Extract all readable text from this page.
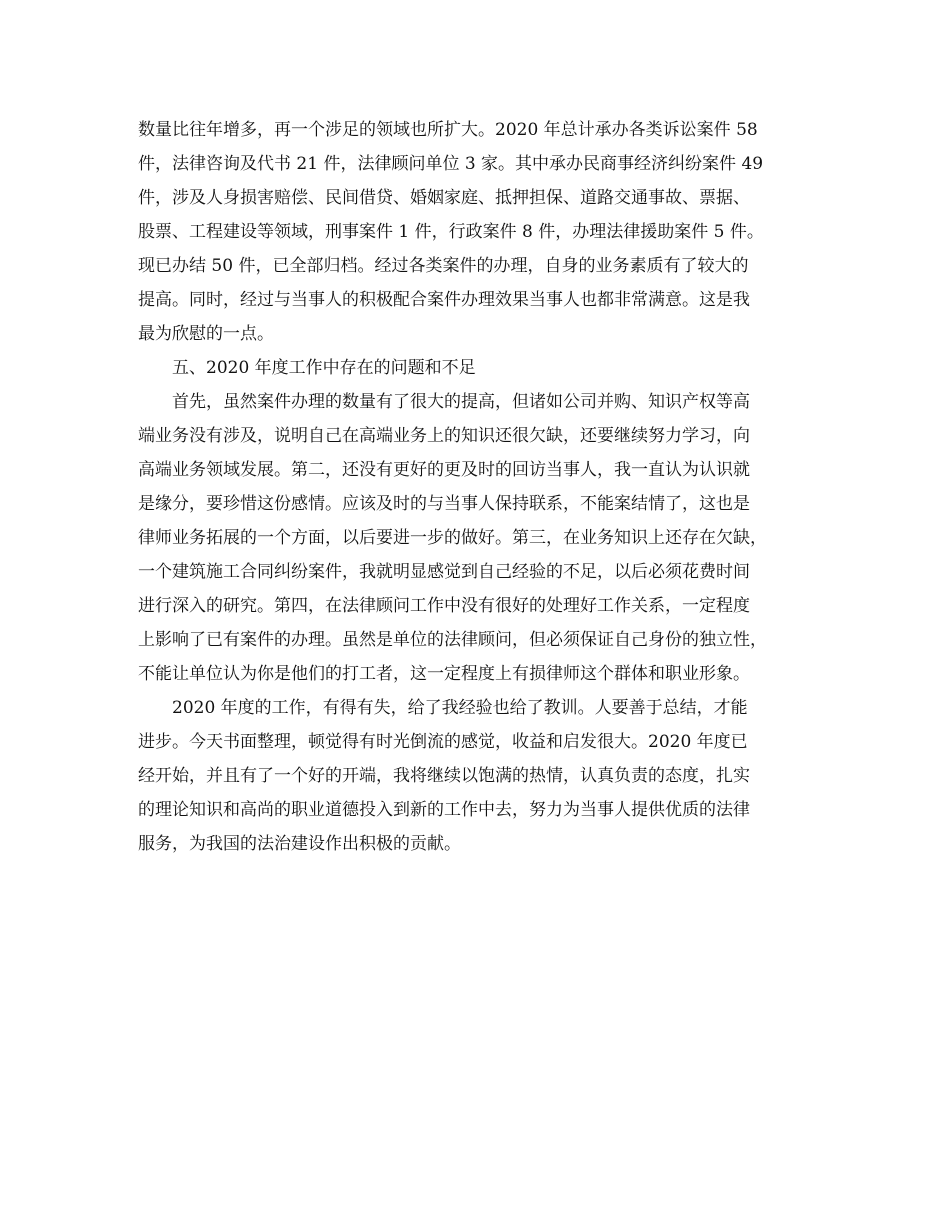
数量比往年增多，再一个涉足的领域也所扩大。2020 年总计承办各类诉讼案件 58
件，法律咨询及代书 21 件，法律顾问单位 3 家。其中承办民商事经济纠纷案件 49
件，涉及人身损害赔偿、民间借贷、婚姻家庭、抵押担保、道路交通事故、票据、
股票、工程建设等领域，刑事案件 1 件，行政案件 8 件，办理法律援助案件 5 件。
现已办结 50 件，已全部归档。经过各类案件的办理，自身的业务素质有了较大的
提高。同时，经过与当事人的积极配合案件办理效果当事人也都非常满意。这是我
最为欣慰的一点。
五、2020 年度工作中存在的问题和不足
首先，虽然案件办理的数量有了很大的提高，但诸如公司并购、知识产权等高
端业务没有涉及，说明自己在高端业务上的知识还很欠缺，还要继续努力学习，向
高端业务领域发展。第二，还没有更好的更及时的回访当事人，我一直认为认识就
是缘分，要珍惜这份感情。应该及时的与当事人保持联系，不能案结情了，这也是
律师业务拓展的一个方面，以后要进一步的做好。第三，在业务知识上还存在欠缺，
一个建筑施工合同纠纷案件，我就明显感觉到自己经验的不足，以后必须花费时间
进行深入的研究。第四，在法律顾问工作中没有很好的处理好工作关系，一定程度
上影响了已有案件的办理。虽然是单位的法律顾问，但必须保证自己身份的独立性，
不能让单位认为你是他们的打工者，这一定程度上有损律师这个群体和职业形象。
2020 年度的工作，有得有失，给了我经验也给了教训。人要善于总结，才能
进步。今天书面整理，顿觉得有时光倒流的感觉，收益和启发很大。2020 年度已
经开始，并且有了一个好的开端，我将继续以饱满的热情，认真负责的态度，扎实
的理论知识和高尚的职业道德投入到新的工作中去，努力为当事人提供优质的法律
服务，为我国的法治建设作出积极的贡献。
